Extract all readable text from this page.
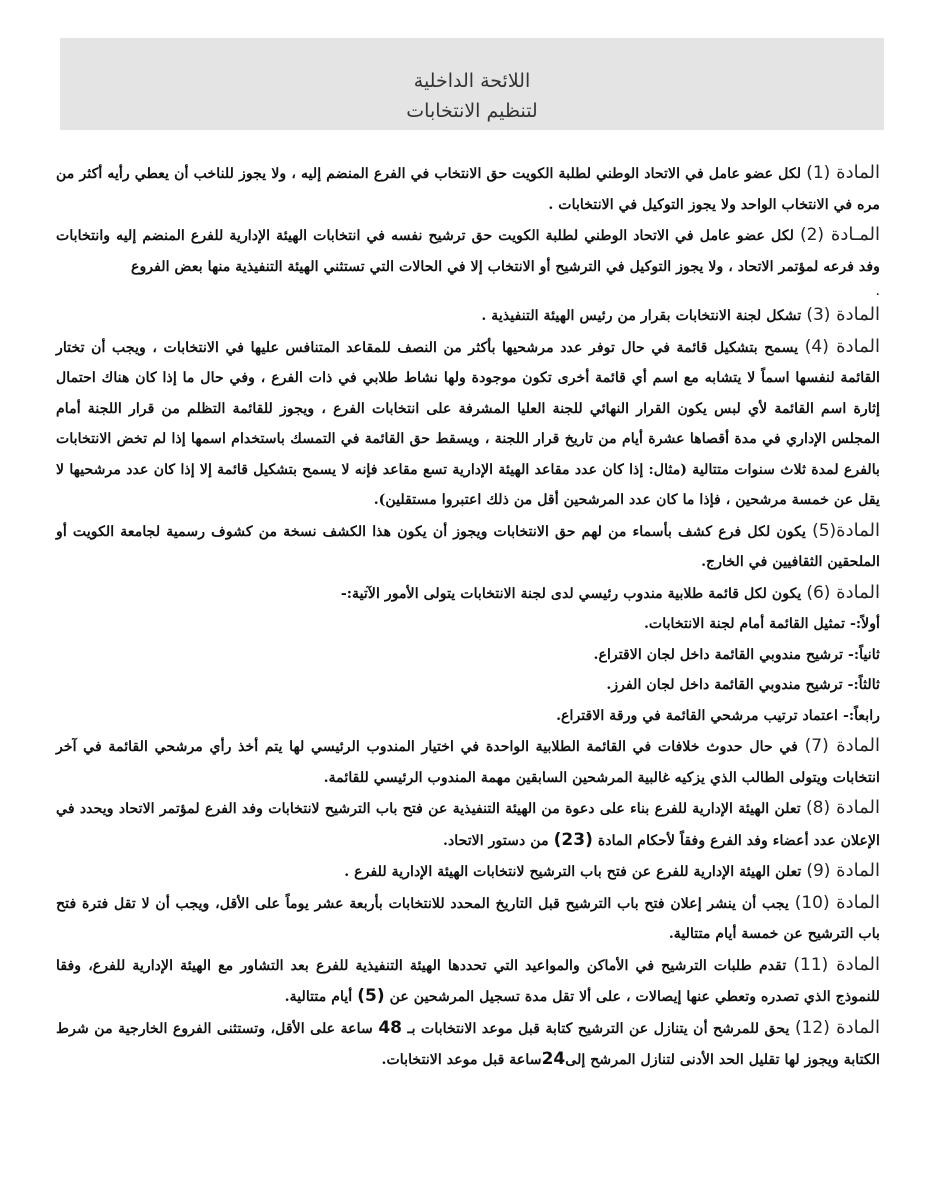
اللائحة الداخلية
لتنظيم الانتخابات

المادة (1) لكل عضو عامل في الاتحاد الوطني لطلبة الكويت حق الانتخاب في الفرع المنضم إليه ، ولا يجوز للناخب أن يعطي رأيه أكثر من مره في الانتخاب الواحد ولا يجوز التوكيل في الانتخابات .

المـادة (2) لكل عضو عامل في الاتحاد الوطني لطلبة الكويت حق ترشيح نفسه في انتخابات الهيئة الإدارية للفرع المنضم إليه وانتخابات وفد فرعه لمؤتمر الاتحاد ، ولا يجوز التوكيل في الترشيح أو الانتخاب إلا في الحالات التي تستثني الهيئة التنفيذية منها بعض الفروع

.

المادة (3) تشكل لجنة الانتخابات بقرار من رئيس الهيئة التنفيذية .

المادة (4) يسمح بتشكيل قائمة في حال توفر عدد مرشحيها بأكثر من النصف للمقاعد المتنافس عليها في الانتخابات ، ويجب أن تختار القائمة لنفسها اسماً لا يتشابه مع اسم أي قائمة أخرى تكون موجودة ولها نشاط طلابي في ذات الفرع ، وفي حال ما إذا كان هناك احتمال إثارة اسم القائمة لأي لبس يكون القرار النهائي للجنة العليا المشرفة على انتخابات الفرع ، ويجوز للقائمة التظلم من قرار اللجنة أمام المجلس الإداري في مدة أقصاها عشرة أيام من تاريخ قرار اللجنة ، ويسقط حق القائمة في التمسك باستخدام اسمها إذا لم تخض الانتخابات بالفرع لمدة ثلاث سنوات متتالية (مثال: إذا كان عدد مقاعد الهيئة الإدارية تسع مقاعد فإنه لا يسمح بتشكيل قائمة إلا إذا كان عدد مرشحيها لا يقل عن خمسة مرشحين ، فإذا ما كان عدد المرشحين أقل من ذلك اعتبروا مستقلين).

المادة(5) يكون لكل فرع كشف بأسماء من لهم حق الانتخابات ويجوز أن يكون هذا الكشف نسخة من كشوف رسمية لجامعة الكويت أو الملحقين الثقافيين في الخارج.

المادة (6) يكون لكل قائمة طلابية مندوب رئيسي لدى لجنة الانتخابات يتولى الأمور الآتية:-

أولاً:- تمثيل القائمة أمام لجنة الانتخابات.

ثانياً:- ترشيح مندوبي القائمة داخل لجان الاقتراع.

ثالثاً:- ترشيح مندوبي القائمة داخل لجان الفرز.

رابعاً:- اعتماد ترتيب مرشحي القائمة في ورقة الاقتراع.

المادة (7) في حال حدوث خلافات في القائمة الطلابية الواحدة في اختيار المندوب الرئيسي لها يتم أخذ رأي مرشحي القائمة في آخر انتخابات ويتولى الطالب الذي يزكيه غالبية المرشحين السابقين مهمة المندوب الرئيسي للقائمة.

المادة (8) تعلن الهيئة الإدارية للفرع بناء على دعوة من الهيئة التنفيذية عن فتح باب الترشيح لانتخابات وفد الفرع لمؤتمر الاتحاد ويحدد في الإعلان عدد أعضاء وفد الفرع وفقاً لأحكام المادة (23) من دستور الاتحاد.

المادة (9) تعلن الهيئة الإدارية للفرع عن فتح باب الترشيح لانتخابات الهيئة الإدارية للفرع .

المادة (10) يجب أن ينشر إعلان فتح باب الترشيح قبل التاريخ المحدد للانتخابات بأربعة عشر يوماً على الأقل، ويجب أن لا تقل فترة فتح باب الترشيح عن خمسة أيام متتالية.

المادة (11) تقدم طلبات الترشيح في الأماكن والمواعيد التي تحددها الهيئة التنفيذية للفرع بعد التشاور مع الهيئة الإدارية للفرع، وفقا للنموذج الذي تصدره وتعطي عنها إيصالات ، على ألا تقل مدة تسجيل المرشحين عن (5) أيام متتالية.

المادة (12) يحق للمرشح أن يتنازل عن الترشيح كتابة قبل موعد الانتخابات بـ 48 ساعة على الأقل، وتستثنى الفروع الخارجية من شرط الكتابة ويجوز لها تقليل الحد الأدنى لتنازل المرشح إلى24ساعة قبل موعد الانتخابات.
